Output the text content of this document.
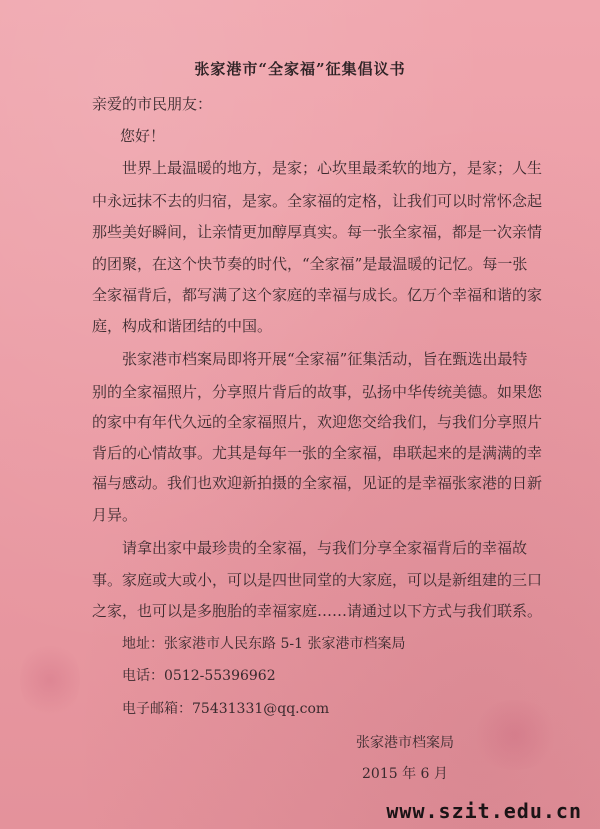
张家港市“全家福”征集倡议书
亲爱的市民朋友：
您好！
世界上最温暖的地方，是家；心坎里最柔软的地方，是家；人生
中永远抹不去的归宿，是家。全家福的定格，让我们可以时常怀念起
那些美好瞬间，让亲情更加醇厚真实。每一张全家福，都是一次亲情
的团聚，在这个快节奏的时代，“全家福”是最温暖的记忆。每一张
全家福背后，都写满了这个家庭的幸福与成长。亿万个幸福和谐的家
庭，构成和谐团结的中国。
张家港市档案局即将开展“全家福”征集活动，旨在甄选出最特
别的全家福照片，分享照片背后的故事，弘扬中华传统美德。如果您
的家中有年代久远的全家福照片，欢迎您交给我们，与我们分享照片
背后的心情故事。尤其是每年一张的全家福，串联起来的是满满的幸
福与感动。我们也欢迎新拍摄的全家福，见证的是幸福张家港的日新
月异。
请拿出家中最珍贵的全家福，与我们分享全家福背后的幸福故
事。家庭或大或小，可以是四世同堂的大家庭，可以是新组建的三口
之家，也可以是多胞胎的幸福家庭……请通过以下方式与我们联系。
地址：张家港市人民东路 5-1 张家港市档案局
电话：0512-55396962
电子邮箱：75431331@qq.com
张家港市档案局
2015 年 6 月
www.szit.edu.cn
